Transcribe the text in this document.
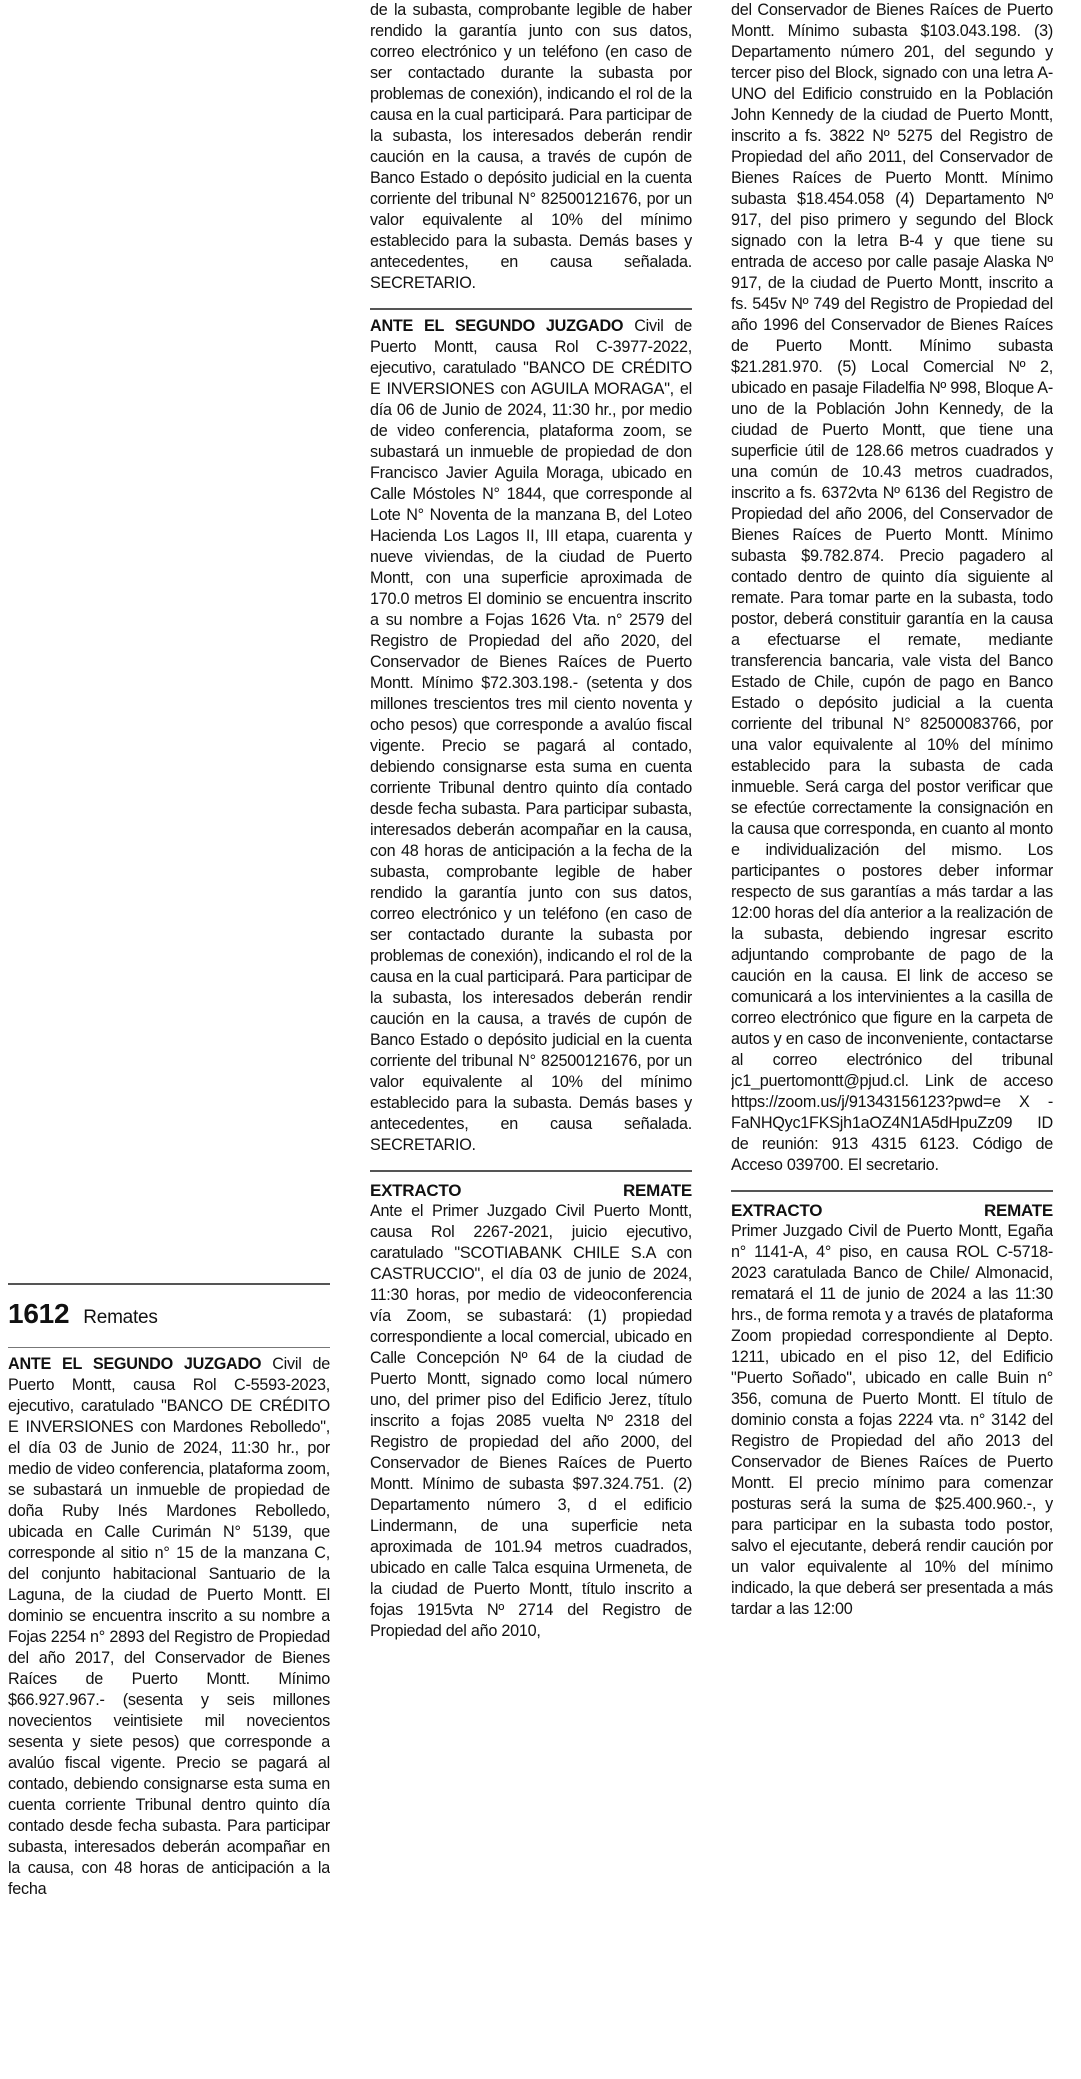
1612 Remates

ANTE EL SEGUNDO JUZGADO Civil de Puerto Montt, causa Rol C-5593-2023, ejecutivo, caratulado "BANCO DE CRÉDITO E INVERSIONES con Mardones Rebolledo", el día 03 de Junio de 2024, 11:30 hr., por medio de video conferencia, plataforma zoom, se subastará un inmueble de propiedad de doña Ruby Inés Mardones Rebolledo, ubicada en Calle Curimán N° 5139, que corresponde al sitio n° 15 de la manzana C, del conjunto habitacional Santuario de la Laguna, de la ciudad de Puerto Montt. El dominio se encuentra inscrito a su nombre a Fojas 2254 n° 2893 del Registro de Propiedad del año 2017, del Conservador de Bienes Raíces de Puerto Montt. Mínimo $66.927.967.- (sesenta y seis millones novecientos veintisiete mil novecientos sesenta y siete pesos) que corresponde a avalúo fiscal vigente. Precio se pagará al contado, debiendo consignarse esta suma en cuenta corriente Tribunal dentro quinto día contado desde fecha subasta. Para participar subasta, interesados deberán acompañar en la causa, con 48 horas de anticipación a la fecha

de la subasta, comprobante legible de haber rendido la garantía junto con sus datos, correo electrónico y un teléfono (en caso de ser contactado durante la subasta por problemas de conexión), indicando el rol de la causa en la cual participará. Para participar de la subasta, los interesados deberán rendir caución en la causa, a través de cupón de Banco Estado o depósito judicial en la cuenta corriente del tribunal N° 82500121676, por un valor equivalente al 10% del mínimo establecido para la subasta. Demás bases y antecedentes, en causa señalada. SECRETARIO.

ANTE EL SEGUNDO JUZGADO Civil de Puerto Montt, causa Rol C-3977-2022, ejecutivo, caratulado "BANCO DE CRÉDITO E INVERSIONES con AGUILA MORAGA", el día 06 de Junio de 2024, 11:30 hr., por medio de video conferencia, plataforma zoom, se subastará un inmueble de propiedad de don Francisco Javier Aguila Moraga, ubicado en Calle Móstoles N° 1844, que corresponde al Lote N° Noventa de la manzana B, del Loteo Hacienda Los Lagos II, III etapa, cuarenta y nueve viviendas, de la ciudad de Puerto Montt, con una superficie aproximada de 170.0 metros El dominio se encuentra inscrito a su nombre a Fojas 1626 Vta. n° 2579 del Registro de Propiedad del año 2020, del Conservador de Bienes Raíces de Puerto Montt. Mínimo $72.303.198.- (setenta y dos millones trescientos tres mil ciento noventa y ocho pesos) que corresponde a avalúo fiscal vigente. Precio se pagará al contado, debiendo consignarse esta suma en cuenta corriente Tribunal dentro quinto día contado desde fecha subasta. Para participar subasta, interesados deberán acompañar en la causa, con 48 horas de anticipación a la fecha de la subasta, comprobante legible de haber rendido la garantía junto con sus datos, correo electrónico y un teléfono (en caso de ser contactado durante la subasta por problemas de conexión), indicando el rol de la causa en la cual participará. Para participar de la subasta, los interesados deberán rendir caución en la causa, a través de cupón de Banco Estado o depósito judicial en la cuenta corriente del tribunal N° 82500121676, por un valor equivalente al 10% del mínimo establecido para la subasta. Demás bases y antecedentes, en causa señalada. SECRETARIO.

EXTRACTO	REMATE

Ante el Primer Juzgado Civil Puerto Montt, causa Rol 2267-2021, juicio ejecutivo, caratulado "SCOTIABANK CHILE S.A con CASTRUCCIO", el día 03 de junio de 2024, 11:30 horas, por medio de videoconferencia vía Zoom, se subastará: (1) propiedad correspondiente a local comercial, ubicado en Calle Concepción Nº 64 de la ciudad de Puerto Montt, signado como local número uno, del primer piso del Edificio Jerez, título inscrito a fojas 2085 vuelta Nº 2318 del Registro de propiedad del año 2000, del Conservador de Bienes Raíces de Puerto Montt. Mínimo de subasta $97.324.751. (2) Departamento número 3, d el edificio Lindermann, de una superficie neta aproximada de 101.94 metros cuadrados, ubicado en calle Talca esquina Urmeneta, de la ciudad de Puerto Montt, título inscrito a fojas 1915vta Nº 2714 del Registro de Propiedad del año 2010,

del Conservador de Bienes Raíces de Puerto Montt. Mínimo subasta $103.043.198. (3) Departamento número 201, del segundo y tercer piso del Block, signado con una letra A-UNO del Edificio construido en la Población John Kennedy de la ciudad de Puerto Montt, inscrito a fs. 3822 Nº 5275 del Registro de Propiedad del año 2011, del Conservador de Bienes Raíces de Puerto Montt. Mínimo subasta $18.454.058 (4) Departamento Nº 917, del piso primero y segundo del Block signado con la letra B-4 y que tiene su entrada de acceso por calle pasaje Alaska Nº 917, de la ciudad de Puerto Montt, inscrito a fs. 545v Nº 749 del Registro de Propiedad del año 1996 del Conservador de Bienes Raíces de Puerto Montt. Mínimo subasta $21.281.970. (5) Local Comercial Nº 2, ubicado en pasaje Filadelfia Nº 998, Bloque A-uno de la Población John Kennedy, de la ciudad de Puerto Montt, que tiene una superficie útil de 128.66 metros cuadrados y una común de 10.43 metros cuadrados, inscrito a fs. 6372vta Nº 6136 del Registro de Propiedad del año 2006, del Conservador de Bienes Raíces de Puerto Montt. Mínimo subasta $9.782.874. Precio pagadero al contado dentro de quinto día siguiente al remate. Para tomar parte en la subasta, todo postor, deberá constituir garantía en la causa a efectuarse el remate, mediante transferencia bancaria, vale vista del Banco Estado de Chile, cupón de pago en Banco Estado o depósito judicial a la cuenta corriente del tribunal N° 82500083766, por una valor equivalente al 10% del mínimo establecido para la subasta de cada inmueble. Será carga del postor verificar que se efectúe correctamente la consignación en la causa que corresponda, en cuanto al monto e individualización del mismo. Los participantes o postores deber informar respecto de sus garantías a más tardar a las 12:00 horas del día anterior a la realización de la subasta, debiendo ingresar escrito adjuntando comprobante de pago de la caución en la causa. El link de acceso se comunicará a los intervinientes a la casilla de correo electrónico que figure en la carpeta de autos y en caso de inconveniente, contactarse al correo electrónico del tribunal jc1_puertomontt@pjud.cl. Link de acceso https://zoom.us/j/91343156123?pwd=e X - FaNHQyc1FKSjh1aOZ4N1A5dHpuZz09 ID de reunión: 913 4315 6123. Código de Acceso 039700. El secretario.

EXTRACTO	REMATE

Primer Juzgado Civil de Puerto Montt, Egaña n° 1141-A, 4° piso, en causa ROL C-5718-2023 caratulada Banco de Chile/ Almonacid, rematará el 11 de junio de 2024 a las 11:30 hrs., de forma remota y a través de plataforma Zoom propiedad correspondiente al Depto. 1211, ubicado en el piso 12, del Edificio "Puerto Soñado", ubicado en calle Buin n° 356, comuna de Puerto Montt. El título de dominio consta a fojas 2224 vta. n° 3142 del Registro de Propiedad del año 2013 del Conservador de Bienes Raíces de Puerto Montt. El precio mínimo para comenzar posturas será la suma de $25.400.960.-, y para participar en la subasta todo postor, salvo el ejecutante, deberá rendir caución por un valor equivalente al 10% del mínimo indicado, la que deberá ser presentada a más tardar a las 12:00
